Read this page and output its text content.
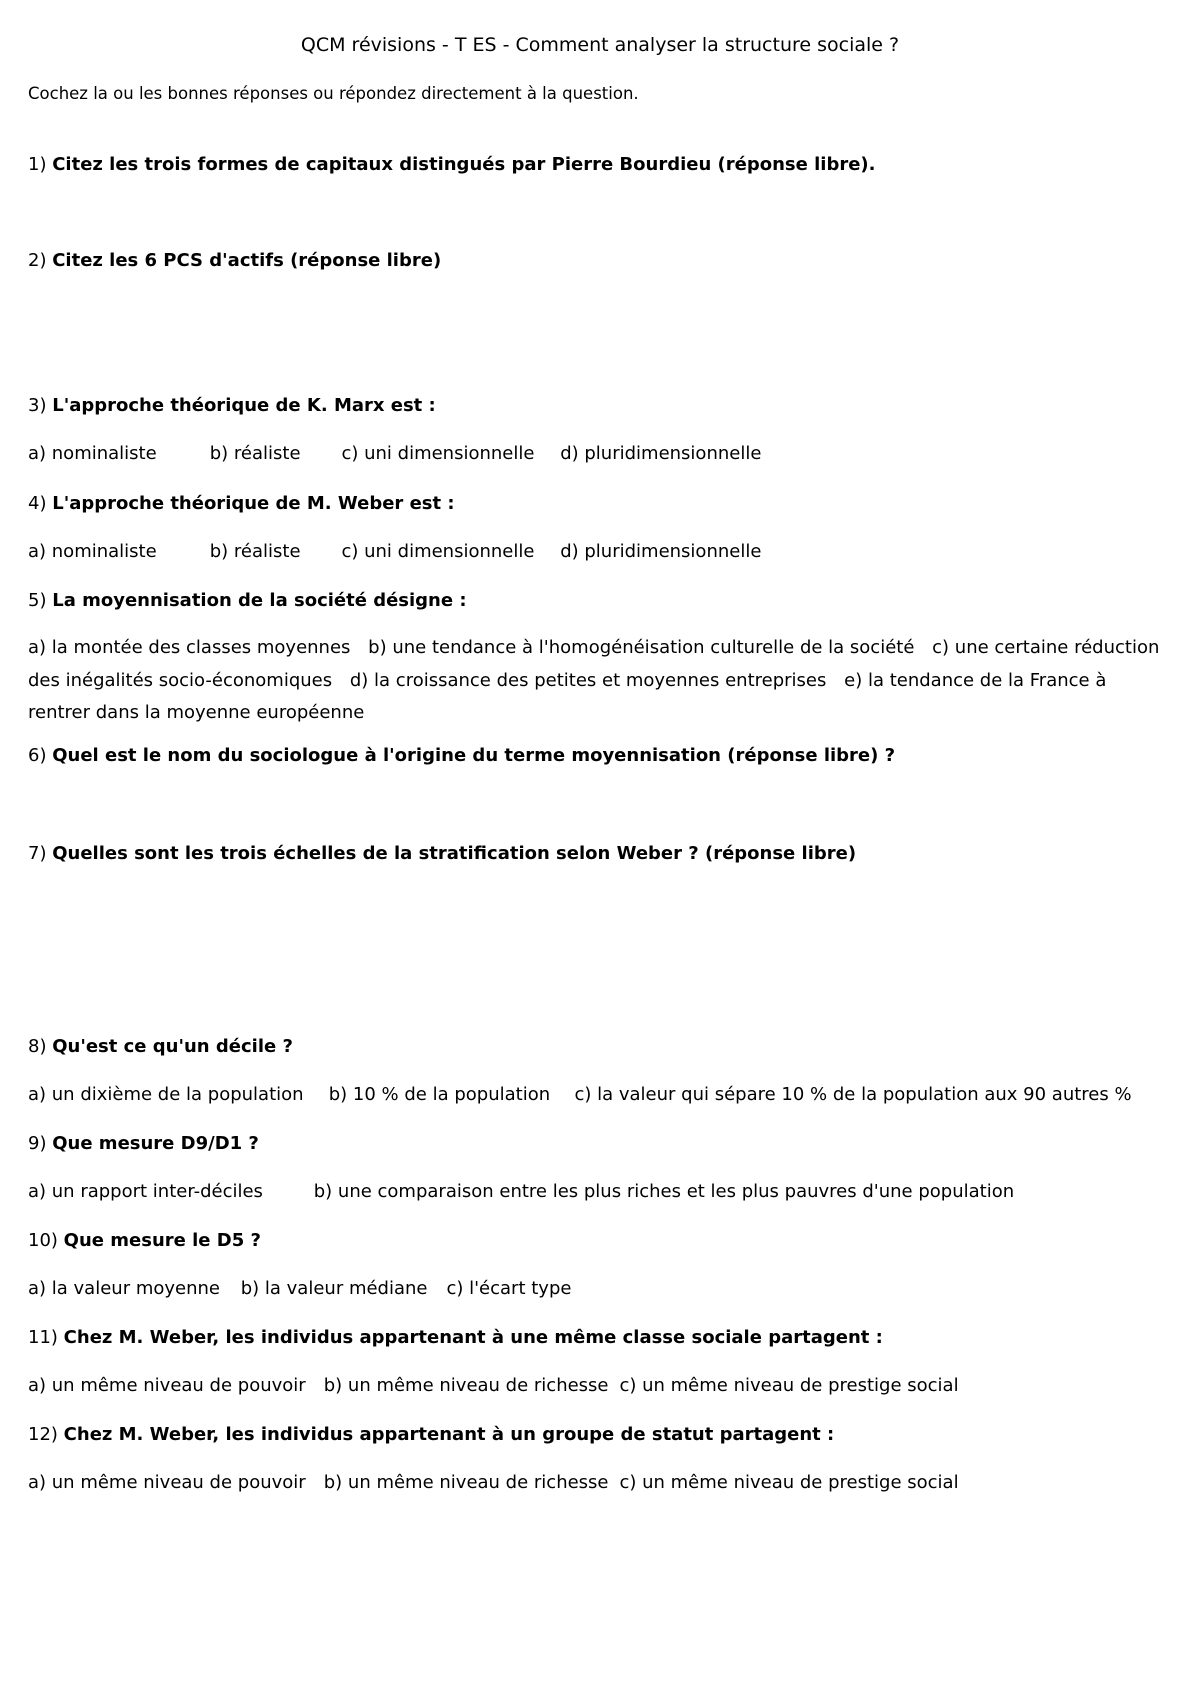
QCM révisions - T ES - Comment analyser la structure sociale ?
Cochez la ou les bonnes réponses ou répondez directement à la question.
1) Citez les trois formes de capitaux distingués par Pierre Bourdieu (réponse libre).
2) Citez les 6 PCS d'actifs (réponse libre)
3) L'approche théorique de K. Marx est :
a) nominaliste	b) réaliste c) uni dimensionnelle d) pluridimensionnelle
4) L'approche théorique de M. Weber est :
a) nominaliste	b) réaliste c) uni dimensionnelle d) pluridimensionnelle
5) La moyennisation de la société désigne :
a) la montée des classes moyennes b) une tendance à l'homogénéisation culturelle de la société c) une certaine réduction des inégalités socio-économiques d) la croissance des petites et moyennes entreprises e) la tendance de la France à rentrer dans la moyenne européenne
6) Quel est le nom du sociologue à l'origine du terme moyennisation (réponse libre) ?
7) Quelles sont les trois échelles de la stratification selon Weber ? (réponse libre)
8) Qu'est ce qu'un décile ?
a) un dixième de la population b) 10 % de la population c) la valeur qui sépare 10 % de la population aux 90 autres %
9) Que mesure D9/D1 ?
a) un rapport inter-déciles	b) une comparaison entre les plus riches et les plus pauvres d'une population
10) Que mesure le D5 ?
a) la valeur moyenne b) la valeur médiane c) l'écart type
11) Chez M. Weber, les individus appartenant à une même classe sociale partagent :
a) un même niveau de pouvoir b) un même niveau de richesse c) un même niveau de prestige social
12) Chez M. Weber, les individus appartenant à un groupe de statut partagent :
a) un même niveau de pouvoir b) un même niveau de richesse c) un même niveau de prestige social
